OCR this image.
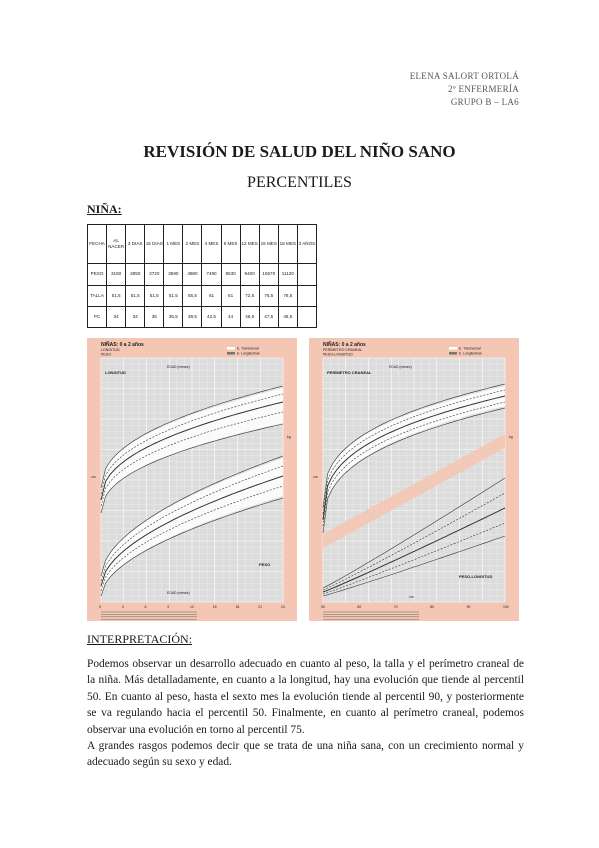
ELENA SALORT ORTOLÁ
2º ENFERMERÍA
GRUPO B – LA6
REVISIÓN DE SALUD DEL NIÑO SANO
PERCENTILES
NIÑA:
FECHA	AL NACER	3 DIAS	15 DIAS	1 MES	2 MES	4 MES	6 MES	12 MES	15 MES	18 MES	3 AÑOS
PESO	3150	2850	3720	3590	4980	7490	8530	9400	10670	11120	
TALLA	51,5	51,5	51,5	51,5	55,5	61	61	72,5	76,5	78,5	
PC	34	34	35	36,5	38,5	42,5	44	46,5	47,5	48,5	
NIÑAS: 0 a 2 años
LONGITUD
PESO
E. Transversal
E. Longitudinal
LONGITUD
EDAD (meses)
PESO
EDAD (meses)
cm
kg
0	3	6	9	12	15	18	21	24
NIÑAS: 0 a 2 años
PERÍMETRO CRANEAL
PESO-LONGITUD
E. Transversal
E. Longitudinal
PERÍMETRO CRANEAL
EDAD (meses)
PESO-LONGITUD
cm
cm
kg
50	60	70	80	90	100
INTERPRETACIÓN:
Podemos observar un desarrollo adecuado en cuanto al peso, la talla y el perímetro craneal de la niña. Más detalladamente, en cuanto a la longitud, hay una evolución que tiende al percentil 50. En cuanto al peso, hasta el sexto mes la evolución tiende al percentil 90, y posteriormente se va regulando hacia el percentil 50. Finalmente, en cuanto al perímetro craneal, podemos observar una evolución en torno al percentil 75.
A grandes rasgos podemos decir que se trata de una niña sana, con un crecimiento normal y adecuado según su sexo y edad.
